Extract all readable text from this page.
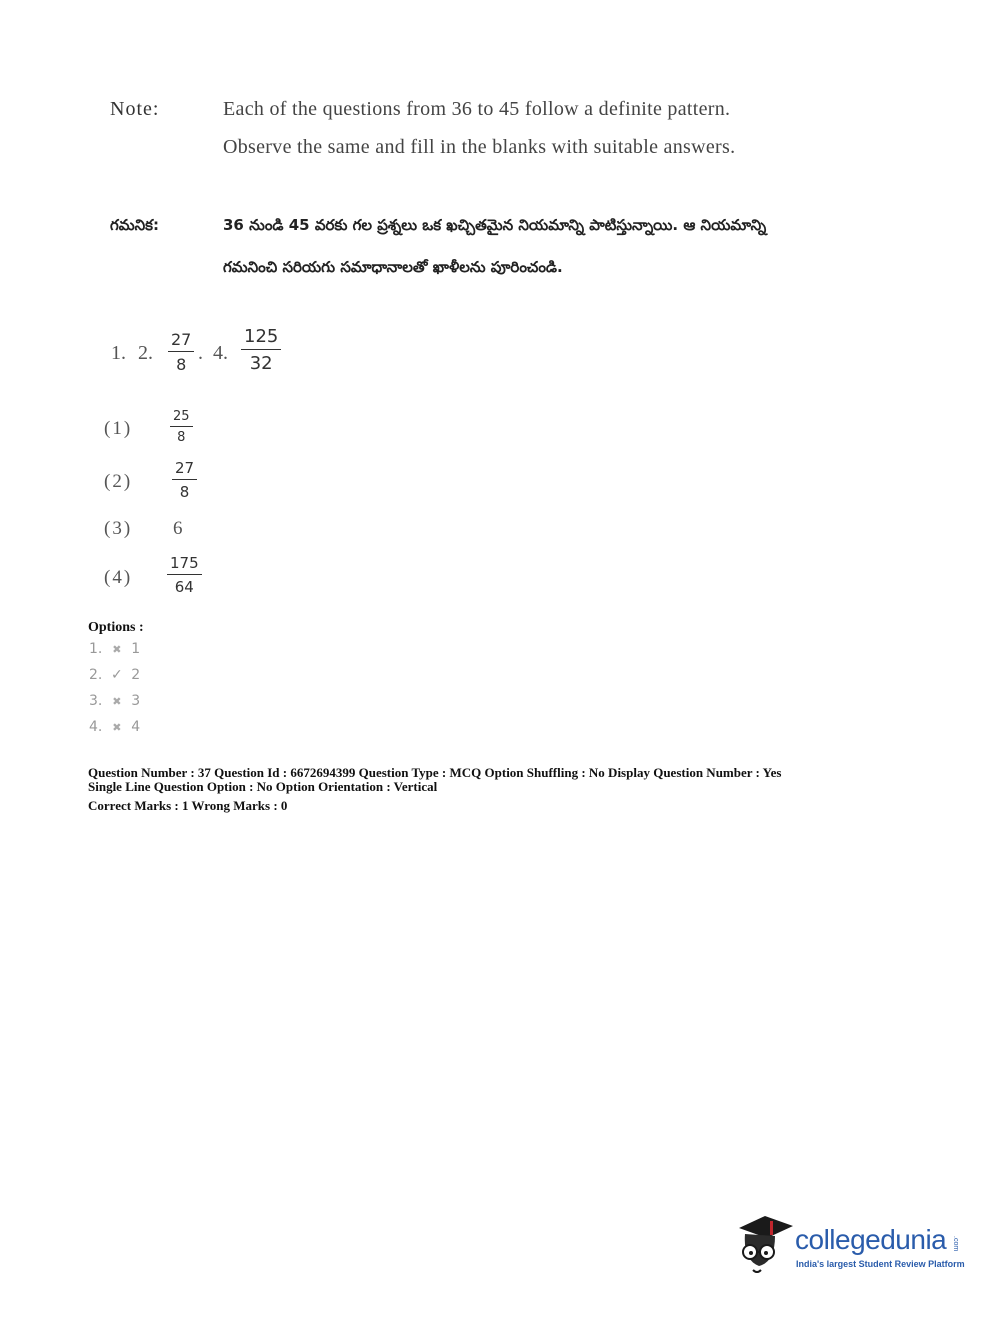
Note:	Each of the questions from 36 to 45 follow a definite pattern.
Observe the same and fill in the blanks with suitable answers.
గమనిక:	36 నుండి 45 వరకు గల ప్రశ్నలు ఒక ఖచ్చితమైన నియమాన్ని పాటిస్తున్నాయి. ఆ నియమాన్ని
గమనించి సరియగు సమాధానాలతో ఖాళీలను పూరించండి.
1. 2. $\frac{27}{8}$ . 4. $\frac{125}{32}$
(1)	$\frac{25}{8}$
(2)	$\frac{27}{8}$
(3) 6
$(4) \frac{175}{64}$
Options :
1. ✖ 1
2. ✓ 2
3. ✖ 3
4. ✖ 4
Question Number : 37 Question Id : 6672694399 Question Type : MCQ Option Shuffling : No Display Question Number : Yes
Single Line Question Option : No Option Orientation : Vertical
Correct Marks : 1 Wrong Marks : 0
collegedunia .com
India's largest Student Review Platform
